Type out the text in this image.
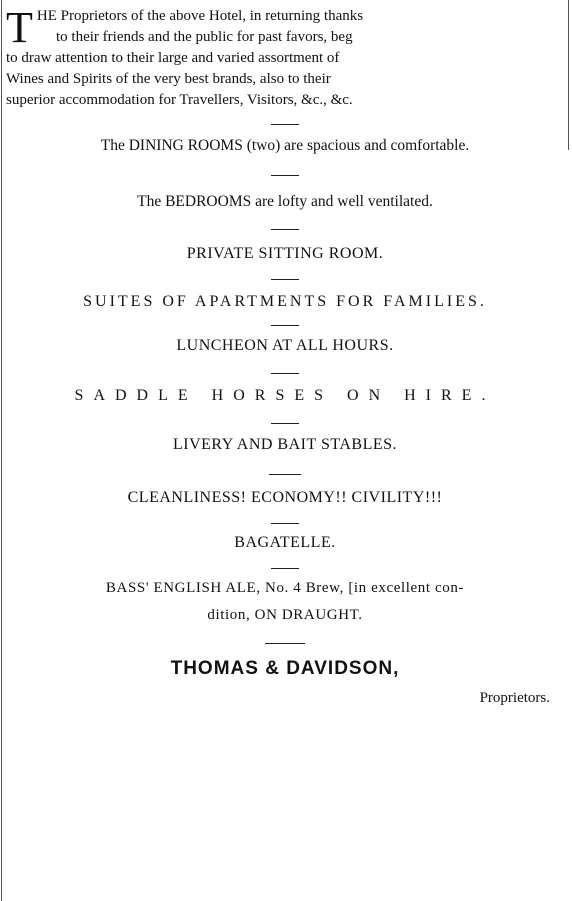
T HE Proprietors of the above Hotel, in returning thanks
to their friends and the public for past favors, beg
to draw attention to their large and varied assortment of
Wines and Spirits of the very best brands, also to their
superior accommodation for Travellers, Visitors, &c., &c.
The DINING ROOMS (two) are spacious and comfortable.
The BEDROOMS are lofty and well ventilated.
PRIVATE SITTING ROOM.
SUITES OF APARTMENTS FOR FAMILIES.
LUNCHEON AT ALL HOURS.
SADDLE HORSES ON HIRE.
LIVERY AND BAIT STABLES.
CLEANLINESS! ECONOMY!! CIVILITY!!!
BAGATELLE.
BASS' ENGLISH ALE, No. 4 Brew, [in excellent con-
dition, ON DRAUGHT.
THOMAS & DAVIDSON,
Proprietors.
